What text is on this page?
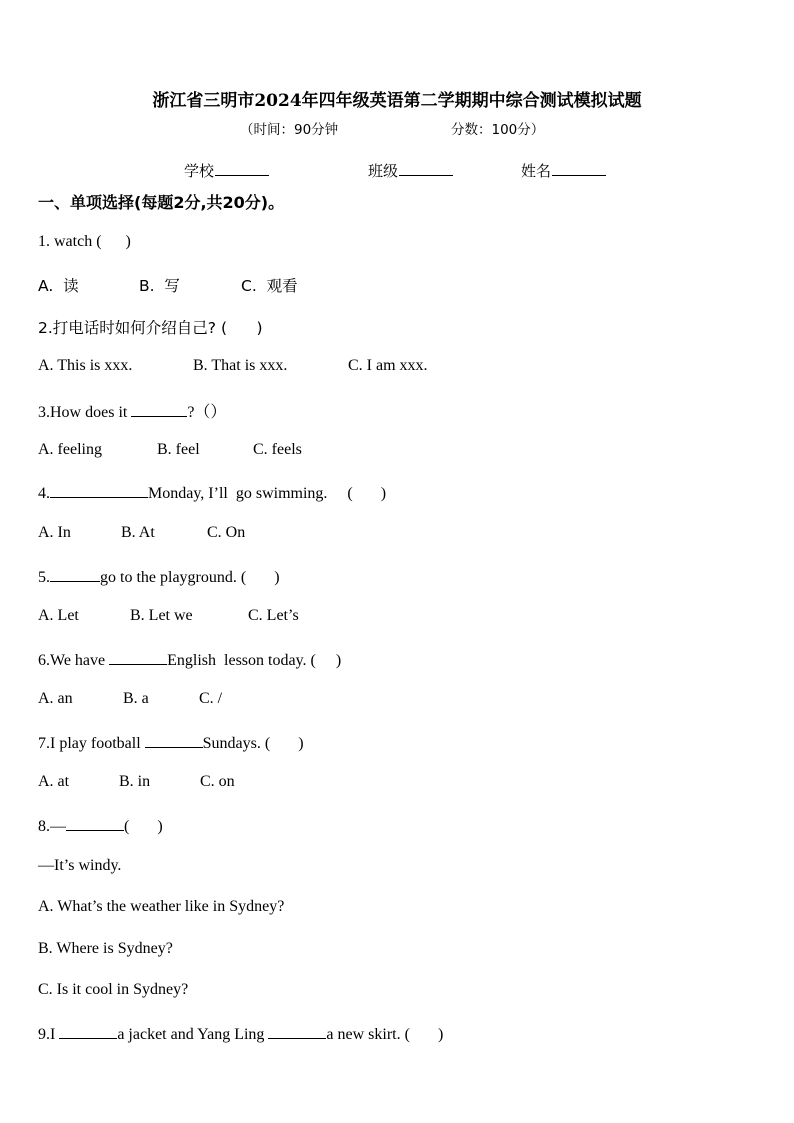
浙江省三明市2024年四年级英语第二学期期中综合测试模拟试题
（时间：90分钟	分数：100分）
学校	班级	姓名
一、单项选择(每题2分,共20分)。
1. watch (      )
A.  读	B.  写	C.  观看
2.打电话时如何介绍自己? (      )
A. This is xxx.	B. That is xxx.	C. I am xxx.
3.How does it	?（）
A. feeling	B. feel	C. feels
4.	Monday, I’ll  go swimming.     (       )
A. In	B. At	C. On
5.	go to the playground. (       )
A. Let	B. Let we	C. Let’s
6.We have	English  lesson today. (     )
A. an	B. a	C. /
7.I play football	Sundays. (       )
A. at	B. in	C. on
8.—	(       )
—It’s windy.
A. What’s the weather like in Sydney?
B. Where is Sydney?
C. Is it cool in Sydney?
9.I	a jacket and Yang Ling	a new skirt. (       )
